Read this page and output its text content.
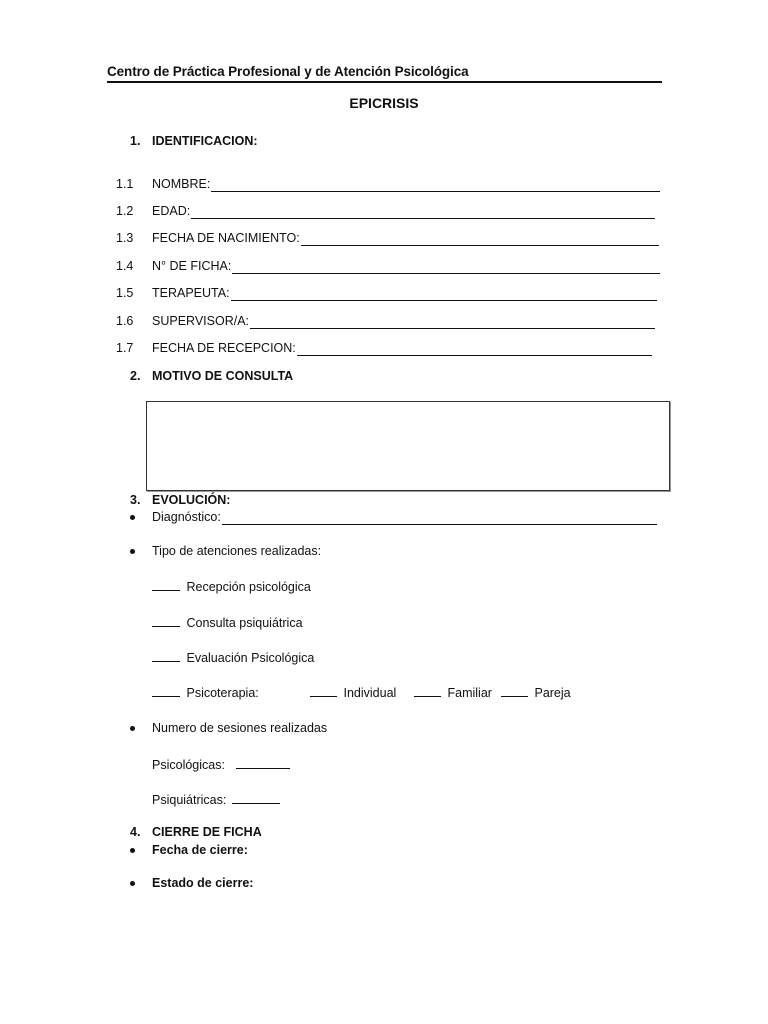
Centro de Práctica Profesional y de Atención Psicológica
EPICRISIS
1. IDENTIFICACION:
1.1 NOMBRE:
1.2 EDAD:
1.3 FECHA DE NACIMIENTO:
1.4 N° DE FICHA:
1.5 TERAPEUTA:
1.6 SUPERVISOR/A:
1.7 FECHA DE RECEPCION:
2. MOTIVO DE CONSULTA
3. EVOLUCIÓN:
Diagnóstico:
Tipo de atenciones realizadas:
Recepción psicológica
Consulta psiquiátrica
Evaluación Psicológica
Psicoterapia:	Individual	Familiar	Pareja
Numero de sesiones realizadas
Psicológicas:
Psiquiátricas:
4. CIERRE DE FICHA
Fecha de cierre:
Estado de cierre:
